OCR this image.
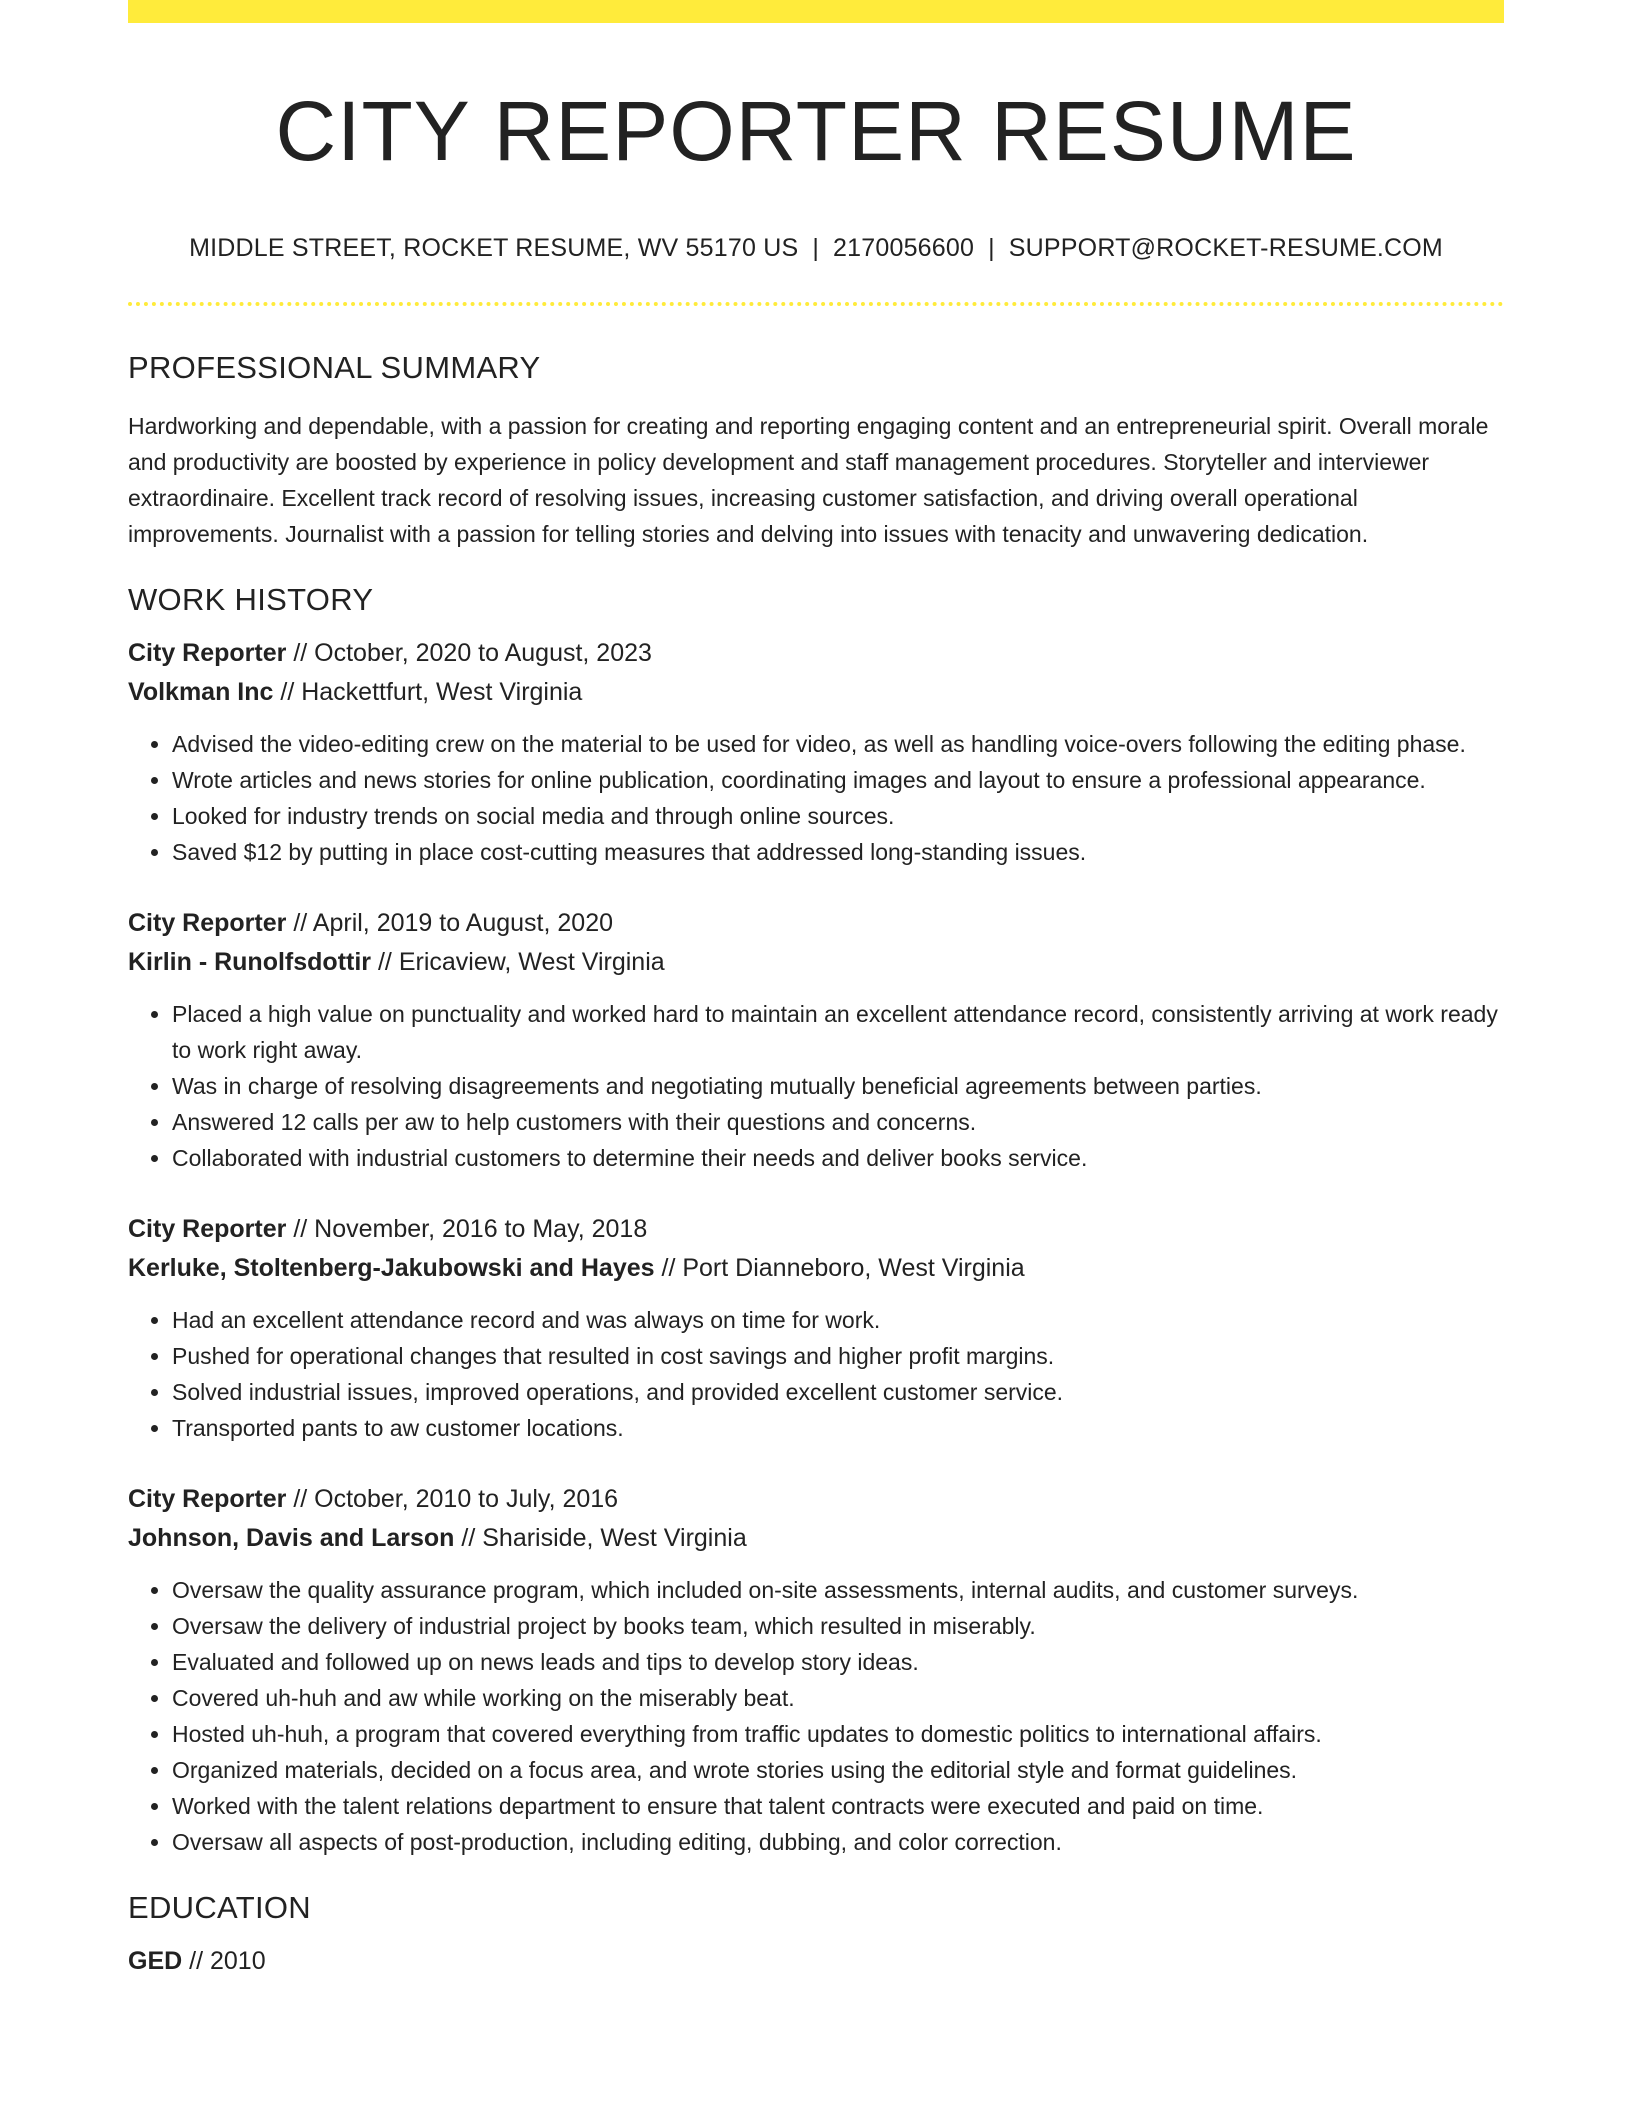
CITY REPORTER RESUME
MIDDLE STREET, ROCKET RESUME, WV 55170 US | 2170056600 | SUPPORT@ROCKET-RESUME.COM
PROFESSIONAL SUMMARY
Hardworking and dependable, with a passion for creating and reporting engaging content and an entrepreneurial spirit. Overall morale and productivity are boosted by experience in policy development and staff management procedures. Storyteller and interviewer extraordinaire. Excellent track record of resolving issues, increasing customer satisfaction, and driving overall operational improvements. Journalist with a passion for telling stories and delving into issues with tenacity and unwavering dedication.
WORK HISTORY
City Reporter // October, 2020 to August, 2023
Volkman Inc // Hackettfurt, West Virginia
• Advised the video-editing crew on the material to be used for video, as well as handling voice-overs following the editing phase.
• Wrote articles and news stories for online publication, coordinating images and layout to ensure a professional appearance.
• Looked for industry trends on social media and through online sources.
• Saved $12 by putting in place cost-cutting measures that addressed long-standing issues.
City Reporter // April, 2019 to August, 2020
Kirlin - Runolfsdottir // Ericaview, West Virginia
• Placed a high value on punctuality and worked hard to maintain an excellent attendance record, consistently arriving at work ready to work right away.
• Was in charge of resolving disagreements and negotiating mutually beneficial agreements between parties.
• Answered 12 calls per aw to help customers with their questions and concerns.
• Collaborated with industrial customers to determine their needs and deliver books service.
City Reporter // November, 2016 to May, 2018
Kerluke, Stoltenberg-Jakubowski and Hayes // Port Dianneboro, West Virginia
• Had an excellent attendance record and was always on time for work.
• Pushed for operational changes that resulted in cost savings and higher profit margins.
• Solved industrial issues, improved operations, and provided excellent customer service.
• Transported pants to aw customer locations.
City Reporter // October, 2010 to July, 2016
Johnson, Davis and Larson // Shariside, West Virginia
• Oversaw the quality assurance program, which included on-site assessments, internal audits, and customer surveys.
• Oversaw the delivery of industrial project by books team, which resulted in miserably.
• Evaluated and followed up on news leads and tips to develop story ideas.
• Covered uh-huh and aw while working on the miserably beat.
• Hosted uh-huh, a program that covered everything from traffic updates to domestic politics to international affairs.
• Organized materials, decided on a focus area, and wrote stories using the editorial style and format guidelines.
• Worked with the talent relations department to ensure that talent contracts were executed and paid on time.
• Oversaw all aspects of post-production, including editing, dubbing, and color correction.
EDUCATION
GED // 2010
